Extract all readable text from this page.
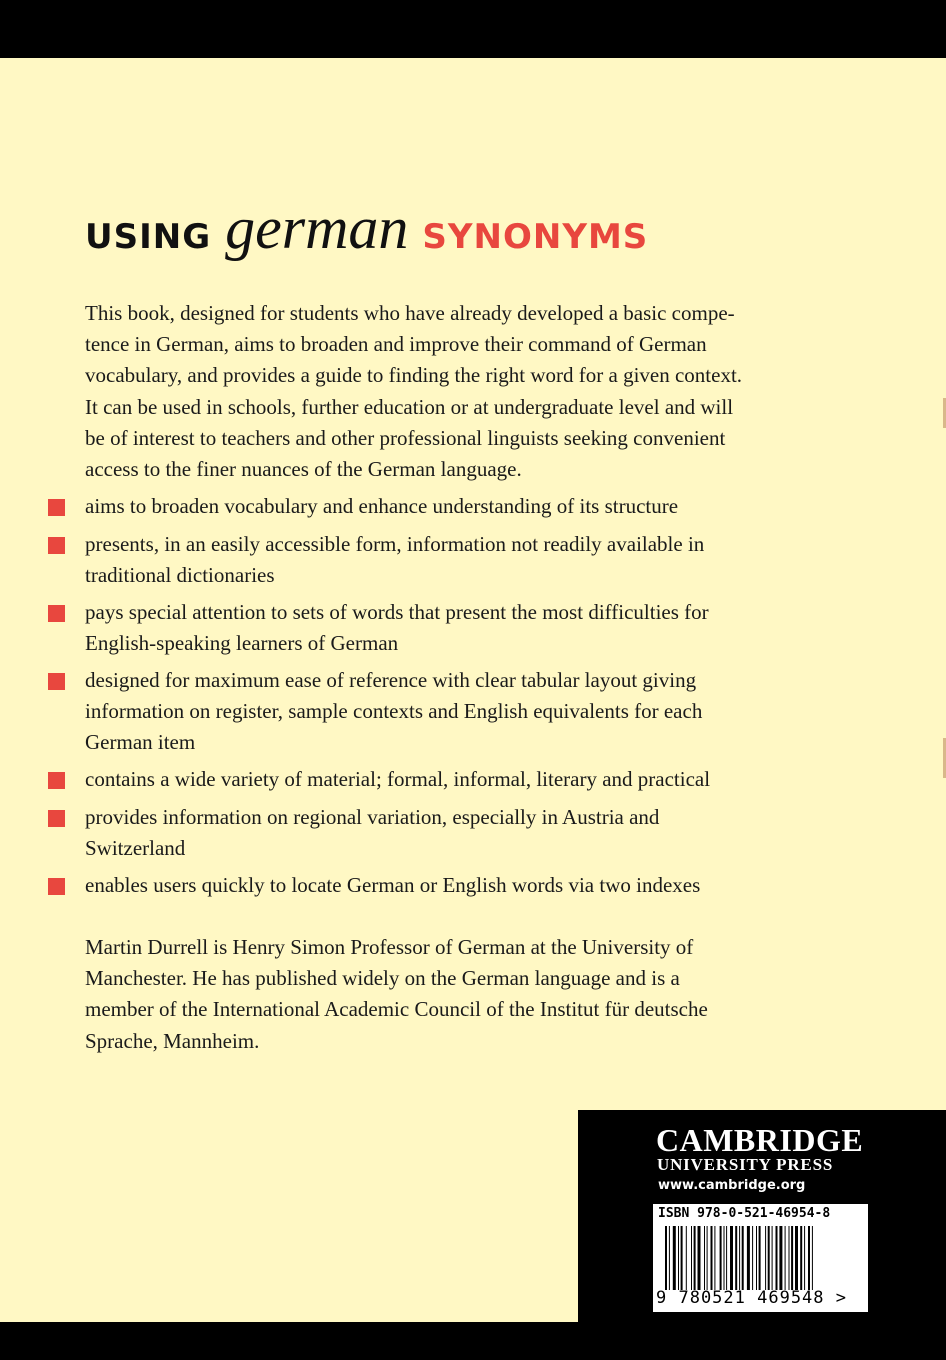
USING german SYNONYMS
This book, designed for students who have already developed a basic compe-
tence in German, aims to broaden and improve their command of German
vocabulary, and provides a guide to finding the right word for a given context.
It can be used in schools, further education or at undergraduate level and will
be of interest to teachers and other professional linguists seeking convenient
access to the finer nuances of the German language.
aims to broaden vocabulary and enhance understanding of its structure
presents, in an easily accessible form, information not readily available in
traditional dictionaries
pays special attention to sets of words that present the most difficulties for
English-speaking learners of German
designed for maximum ease of reference with clear tabular layout giving
information on register, sample contexts and English equivalents for each
German item
contains a wide variety of material; formal, informal, literary and practical
provides information on regional variation, especially in Austria and
Switzerland
enables users quickly to locate German or English words via two indexes
Martin Durrell is Henry Simon Professor of German at the University of
Manchester. He has published widely on the German language and is a
member of the International Academic Council of the Institut für deutsche
Sprache, Mannheim.
CAMBRIDGE
UNIVERSITY PRESS
www.cambridge.org
ISBN 978-0-521-46954-8
9 780521 469548 >
